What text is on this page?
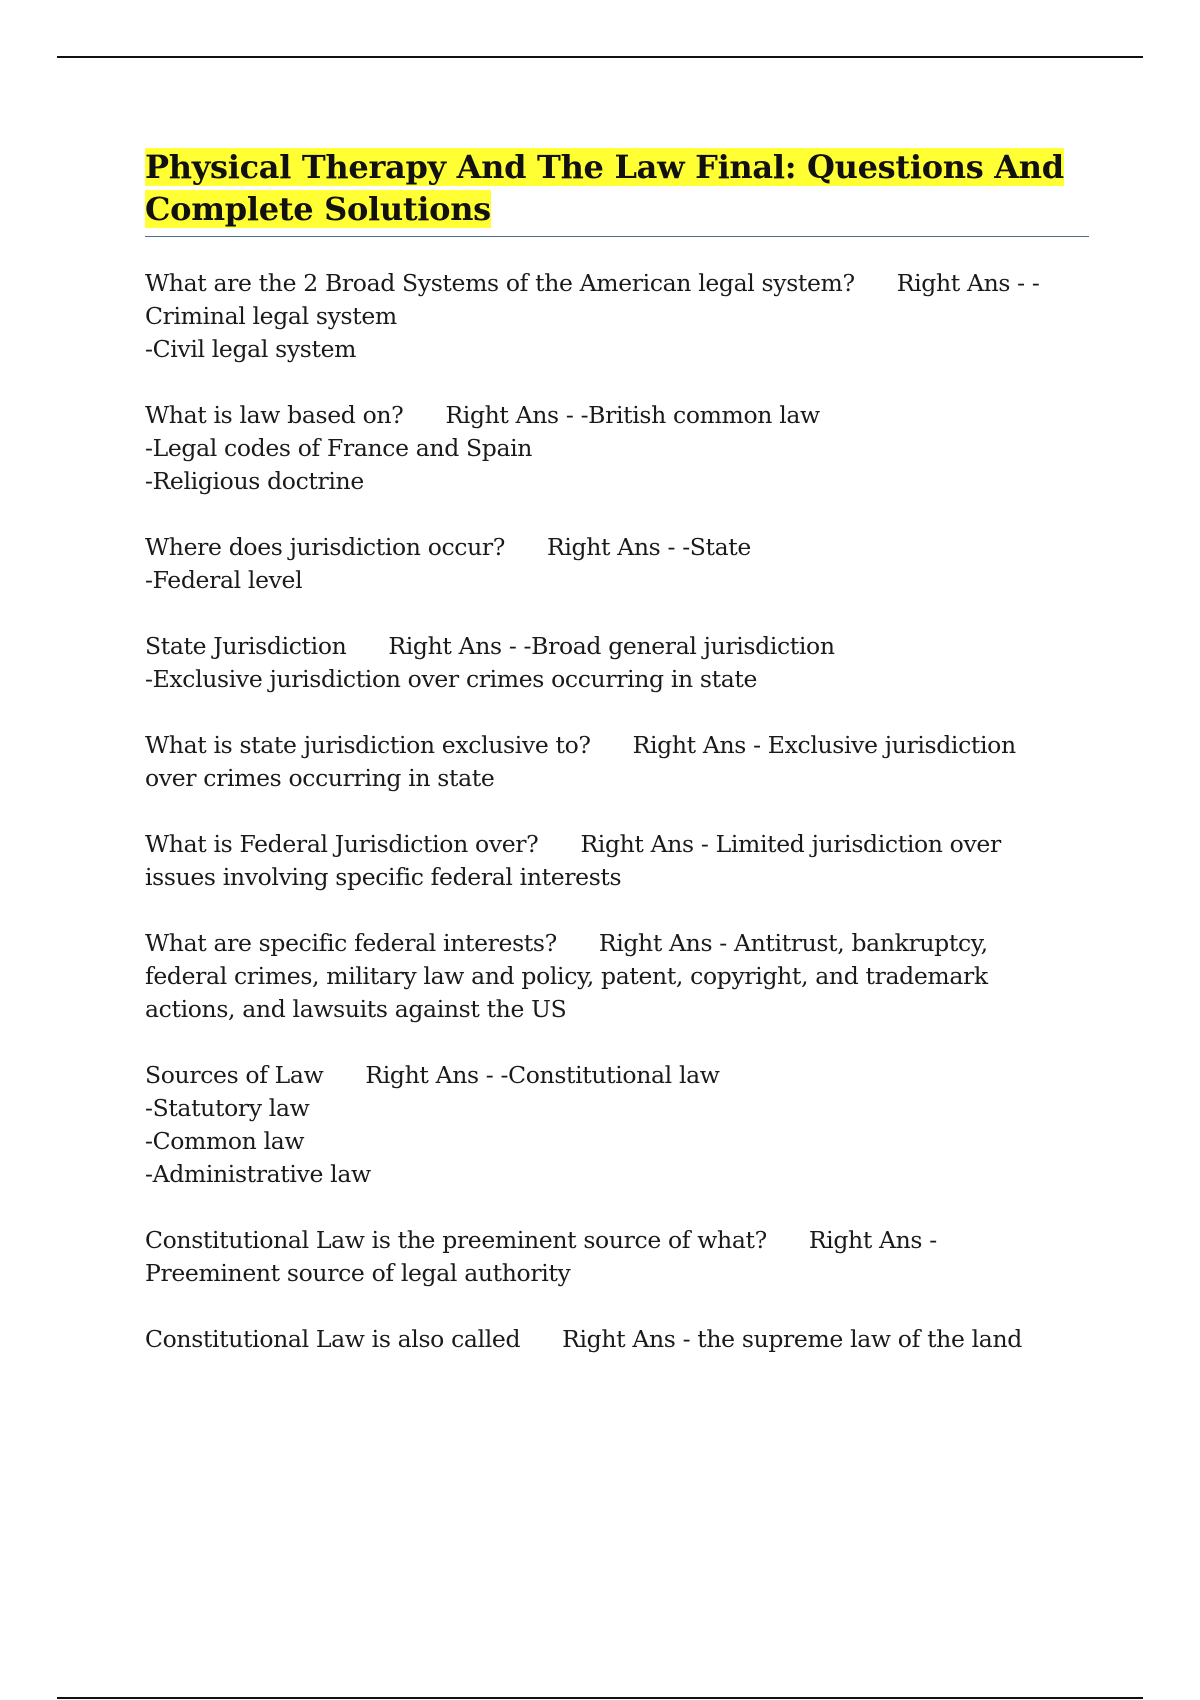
Physical Therapy And The Law Final: Questions And
Complete Solutions
What are the 2 Broad Systems of the American legal system? Right Ans - -
Criminal legal system
-Civil legal system
What is law based on? Right Ans - -British common law
-Legal codes of France and Spain
-Religious doctrine
Where does jurisdiction occur? Right Ans - -State
-Federal level
State Jurisdiction Right Ans - -Broad general jurisdiction
-Exclusive jurisdiction over crimes occurring in state
What is state jurisdiction exclusive to? Right Ans - Exclusive jurisdiction
over crimes occurring in state
What is Federal Jurisdiction over? Right Ans - Limited jurisdiction over
issues involving specific federal interests
What are specific federal interests? Right Ans - Antitrust, bankruptcy,
federal crimes, military law and policy, patent, copyright, and trademark
actions, and lawsuits against the US
Sources of Law Right Ans - -Constitutional law
-Statutory law
-Common law
-Administrative law
Constitutional Law is the preeminent source of what? Right Ans -
Preeminent source of legal authority
Constitutional Law is also called Right Ans - the supreme law of the land
